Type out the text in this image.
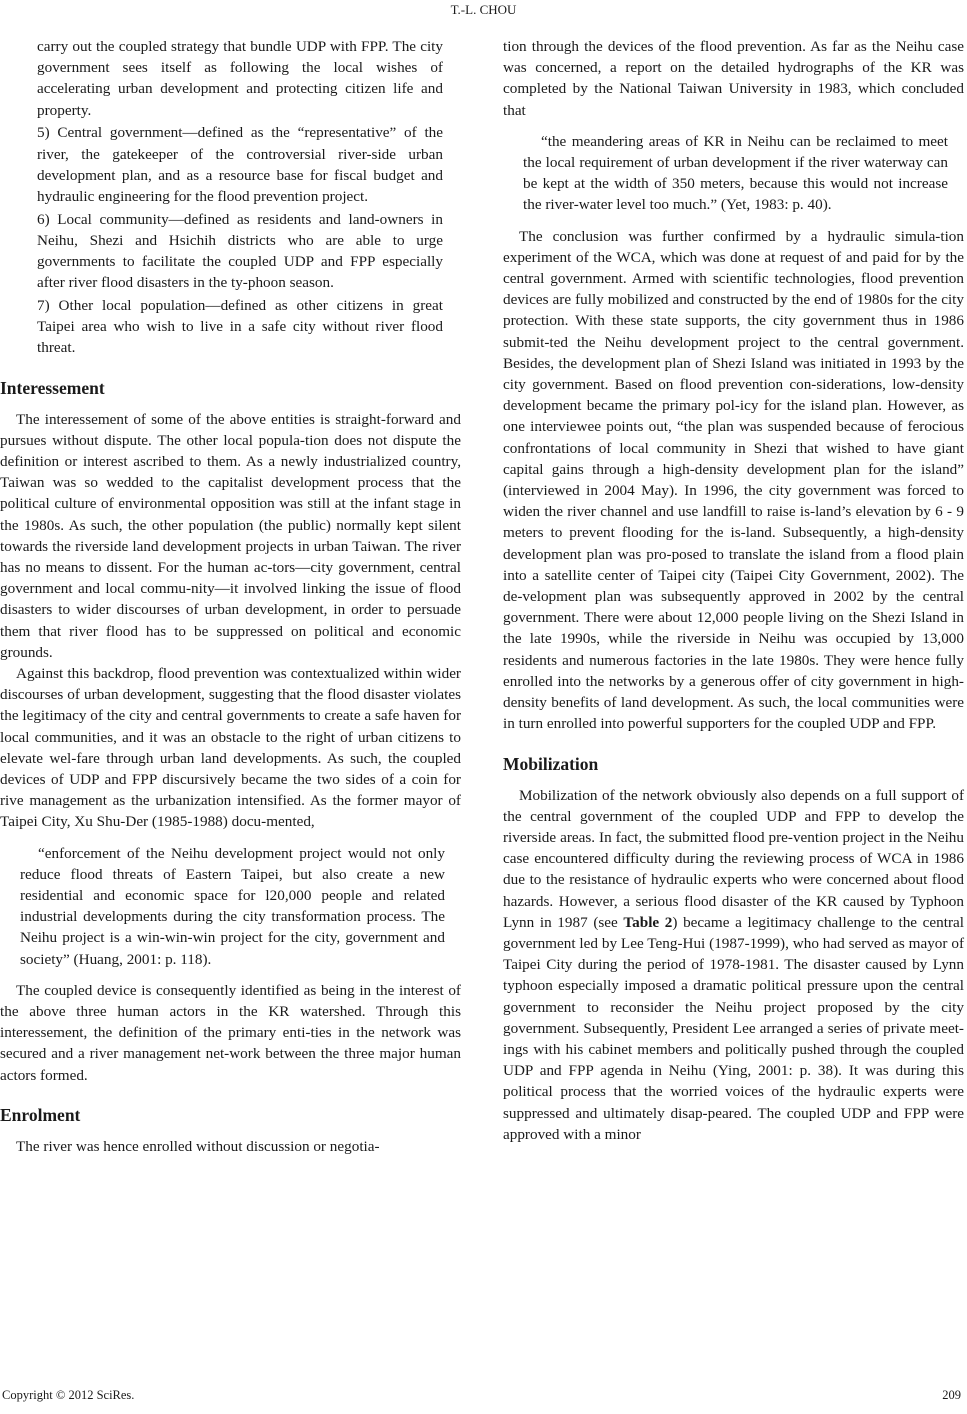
T.-L. CHOU

carry out the coupled strategy that bundle UDP with FPP. The city government sees itself as following the local wishes of accelerating urban development and protecting citizen life and property.

5) Central government—defined as the “representative” of the river, the gatekeeper of the controversial river-side urban development plan, and as a resource base for fiscal budget and hydraulic engineering for the flood prevention project.

6) Local community—defined as residents and land-owners in Neihu, Shezi and Hsichih districts who are able to urge governments to facilitate the coupled UDP and FPP especially after river flood disasters in the ty-phoon season.

7) Other local population—defined as other citizens in great Taipei area who wish to live in a safe city without river flood threat.

Interessement

The interessement of some of the above entities is straight-forward and pursues without dispute. The other local popula-tion does not dispute the definition or interest ascribed to them. As a newly industrialized country, Taiwan was so wedded to the capitalist development process that the political culture of environmental opposition was still at the infant stage in the 1980s. As such, the other population (the public) normally kept silent towards the riverside land development projects in urban Taiwan. The river has no means to dissent. For the human ac-tors—city government, central government and local commu-nity—it involved linking the issue of flood disasters to wider discourses of urban development, in order to persuade them that river flood has to be suppressed on political and economic grounds.

Against this backdrop, flood prevention was contextualized within wider discourses of urban development, suggesting that the flood disaster violates the legitimacy of the city and central governments to create a safe haven for local communities, and it was an obstacle to the right of urban citizens to elevate wel-fare through urban land developments. As such, the coupled devices of UDP and FPP discursively became the two sides of a coin for rive management as the urbanization intensified. As the former mayor of Taipei City, Xu Shu-Der (1985-1988) docu-mented,

“enforcement of the Neihu development project would not only reduce flood threats of Eastern Taipei, but also create a new residential and economic space for l20,000 people and related industrial developments during the city transformation process. The Neihu project is a win-win-win project for the city, government and society” (Huang, 2001: p. 118).

The coupled device is consequently identified as being in the interest of the above three human actors in the KR watershed. Through this interessement, the definition of the primary enti-ties in the network was secured and a river management net-work between the three major human actors formed.

Enrolment

The river was hence enrolled without discussion or negotia-

tion through the devices of the flood prevention. As far as the Neihu case was concerned, a report on the detailed hydrographs of the KR was completed by the National Taiwan University in 1983, which concluded that

“the meandering areas of KR in Neihu can be reclaimed to meet the local requirement of urban development if the river waterway can be kept at the width of 350 meters, because this would not increase the river-water level too much.” (Yet, 1983: p. 40).

The conclusion was further confirmed by a hydraulic simula-tion experiment of the WCA, which was done at request of and paid for by the central government. Armed with scientific technologies, flood prevention devices are fully mobilized and constructed by the end of 1980s for the city protection. With these state supports, the city government thus in 1986 submit-ted the Neihu development project to the central government. Besides, the development plan of Shezi Island was initiated in 1993 by the city government. Based on flood prevention con-siderations, low-density development became the primary pol-icy for the island plan. However, as one interviewee points out, “the plan was suspended because of ferocious confrontations of local community in Shezi that wished to have giant capital gains through a high-density development plan for the island” (interviewed in 2004 May). In 1996, the city government was forced to widen the river channel and use landfill to raise is-land’s elevation by 6 - 9 meters to prevent flooding for the is-land. Subsequently, a high-density development plan was pro-posed to translate the island from a flood plain into a satellite center of Taipei city (Taipei City Government, 2002). The de-velopment plan was subsequently approved in 2002 by the central government. There were about 12,000 people living on the Shezi Island in the late 1990s, while the riverside in Neihu was occupied by 13,000 residents and numerous factories in the late 1980s. They were hence fully enrolled into the networks by a generous offer of city government in high-density benefits of land development. As such, the local communities were in turn enrolled into powerful supporters for the coupled UDP and FPP.

Mobilization

Mobilization of the network obviously also depends on a full support of the central government of the coupled UDP and FPP to develop the riverside areas. In fact, the submitted flood pre-vention project in the Neihu case encountered difficulty during the reviewing process of WCA in 1986 due to the resistance of hydraulic experts who were concerned about flood hazards. However, a serious flood disaster of the KR caused by Typhoon Lynn in 1987 (see Table 2) became a legitimacy challenge to the central government led by Lee Teng-Hui (1987-1999), who had served as mayor of Taipei City during the period of 1978-1981. The disaster caused by Lynn typhoon especially imposed a dramatic political pressure upon the central government to reconsider the Neihu project proposed by the city government. Subsequently, President Lee arranged a series of private meet-ings with his cabinet members and politically pushed through the coupled UDP and FPP agenda in Neihu (Ying, 2001: p. 38). It was during this political process that the worried voices of the hydraulic experts were suppressed and ultimately disap-peared. The coupled UDP and FPP were approved with a minor

Copyright © 2012 SciRes.	209
